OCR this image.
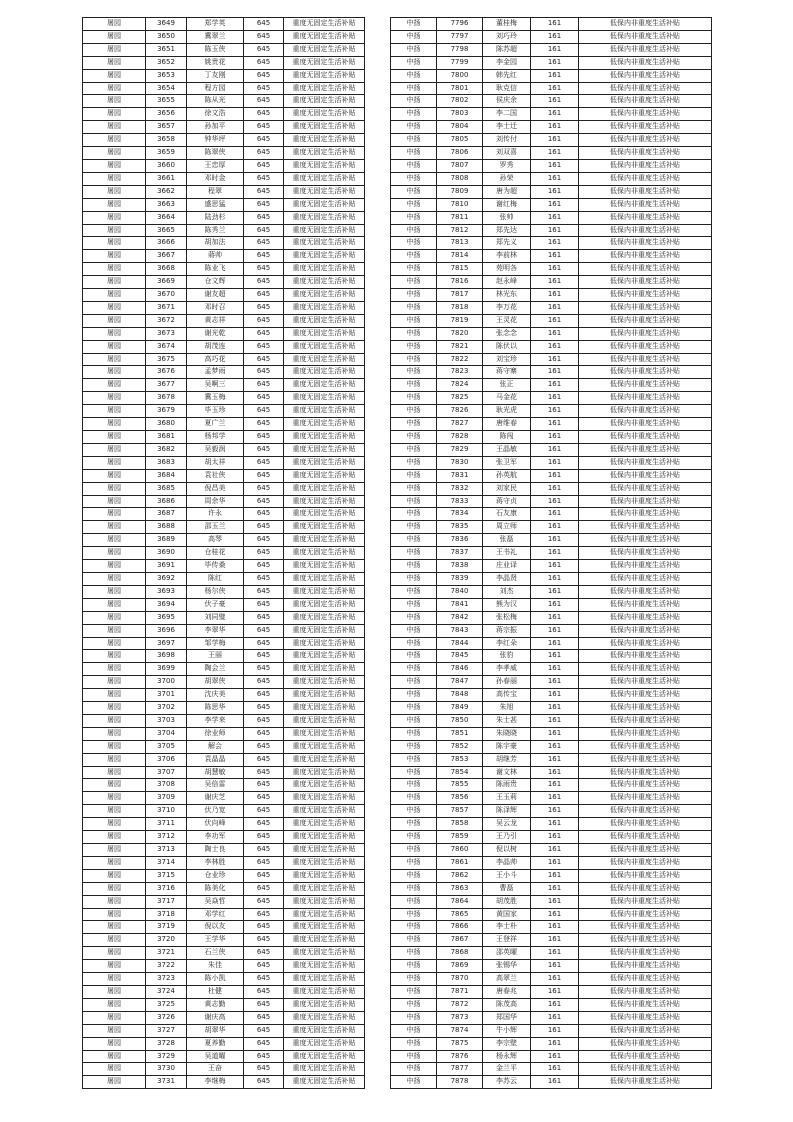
屠园	3649	郑学英	645	重度无固定生活补贴
屠园	3650	冀翠兰	645	重度无固定生活补贴
屠园	3651	陈玉侠	645	重度无固定生活补贴
屠园	3652	姚贵花	645	重度无固定生活补贴
屠园	3653	丁友刚	645	重度无固定生活补贴
屠园	3654	程方园	645	重度无固定生活补贴
屠园	3655	陈从光	645	重度无固定生活补贴
屠园	3656	徐文浩	645	重度无固定生活补贴
屠园	3657	孙加平	645	重度无固定生活补贴
屠园	3658	钟华坪	645	重度无固定生活补贴
屠园	3659	陈翠侠	645	重度无固定生活补贴
屠园	3660	王忠厚	645	重度无固定生活补贴
屠园	3661	邓时金	645	重度无固定生活补贴
屠园	3662	程翠	645	重度无固定生活补贴
屠园	3663	盛思猛	645	重度无固定生活补贴
屠园	3664	陆劲杉	645	重度无固定生活补贴
屠园	3665	陈秀兰	645	重度无固定生活补贴
屠园	3666	胡加法	645	重度无固定生活补贴
屠园	3667	蔣帅	645	重度无固定生活补贴
屠园	3668	陈业飞	645	重度无固定生活补贴
屠园	3669	仓文辉	645	重度无固定生活补贴
屠园	3670	谢友超	645	重度无固定生活补贴
屠园	3671	邓时召	645	重度无固定生活补贴
屠园	3672	黄志祥	645	重度无固定生活补贴
屠园	3673	谢光乾	645	重度无固定生活补贴
屠园	3674	胡茂连	645	重度无固定生活补贴
屠园	3675	高巧花	645	重度无固定生活补贴
屠园	3676	孟梦雨	645	重度无固定生活补贴
屠园	3677	吴啊三	645	重度无固定生活补贴
屠园	3678	冀玉梅	645	重度无固定生活补贴
屠园	3679	毕玉珍	645	重度无固定生活补贴
屠园	3680	夏广兰	645	重度无固定生活补贴
屠园	3681	杨邦学	645	重度无固定生活补贴
屠园	3682	吴毅润	645	重度无固定生活补贴
屠园	3683	胡太祥	645	重度无固定生活补贴
屠园	3684	袁社侠	645	重度无固定生活补贴
屠园	3685	倪昌美	645	重度无固定生活补贴
屠园	3686	周余华	645	重度无固定生活补贴
屠园	3687	许永	645	重度无固定生活补贴
屠园	3688	邵玉兰	645	重度无固定生活补贴
屠园	3689	高琴	645	重度无固定生活补贴
屠园	3690	仓桂花	645	重度无固定生活补贴
屠园	3691	毕传桑	645	重度无固定生活补贴
屠园	3692	陈红	645	重度无固定生活补贴
屠园	3693	杨尔侠	645	重度无固定生活补贴
屠园	3694	伏子豪	645	重度无固定生活补贴
屠园	3695	刘同璧	645	重度无固定生活补贴
屠园	3696	李翠华	645	重度无固定生活补贴
屠园	3697	邹学梅	645	重度无固定生活补贴
屠园	3698	王丽	645	重度无固定生活补贴
屠园	3699	陶会兰	645	重度无固定生活补贴
屠园	3700	胡翠侠	645	重度无固定生活补贴
屠园	3701	沈庆美	645	重度无固定生活补贴
屠园	3702	陈思华	645	重度无固定生活补贴
屠园	3703	李学来	645	重度无固定生活补贴
屠园	3704	徐业师	645	重度无固定生活补贴
屠园	3705	解会	645	重度无固定生活补贴
屠园	3706	袁晶晶	645	重度无固定生活补贴
屠园	3707	胡慧敏	645	重度无固定生活补贴
屠园	3708	吴倍雷	645	重度无固定生活补贴
屠园	3709	谢庆芝	645	重度无固定生活补贴
屠园	3710	伏乃宽	645	重度无固定生活补贴
屠园	3711	伏向峰	645	重度无固定生活补贴
屠园	3712	李功军	645	重度无固定生活补贴
屠园	3713	陶士良	645	重度无固定生活补贴
屠园	3714	李林胜	645	重度无固定生活补贴
屠园	3715	仓业珍	645	重度无固定生活补贴
屠园	3716	陈美化	645	重度无固定生活补贴
屠园	3717	吴焱哲	645	重度无固定生活补贴
屠园	3718	邓学红	645	重度无固定生活补贴
屠园	3719	倪以友	645	重度无固定生活补贴
屠园	3720	王学华	645	重度无固定生活补贴
屠园	3721	石兰侠	645	重度无固定生活补贴
屠园	3722	朱佳	645	重度无固定生活补贴
屠园	3723	陈小凯	645	重度无固定生活补贴
屠园	3724	杜健	645	重度无固定生活补贴
屠园	3725	黄志勤	645	重度无固定生活补贴
屠园	3726	谢庆高	645	重度无固定生活补贴
屠园	3727	胡翠华	645	重度无固定生活补贴
屠园	3728	夏养勤	645	重度无固定生活补贴
屠园	3729	吴道曜	645	重度无固定生活补贴
屠园	3730	王奋	645	重度无固定生活补贴
屠园	3731	李继梅	645	重度无固定生活补贴
中扬	7796	董桂梅	161	低保内非重度生活补贴
中扬	7797	刘巧玲	161	低保内非重度生活补贴
中扬	7798	陈苏超	161	低保内非重度生活补贴
中扬	7799	李金园	161	低保内非重度生活补贴
中扬	7800	韩先红	161	低保内非重度生活补贴
中扬	7801	耿克信	161	低保内非重度生活补贴
中扬	7802	侯庆余	161	低保内非重度生活补贴
中扬	7803	李二国	161	低保内非重度生活补贴
中扬	7804	李士迁	161	低保内非重度生活补贴
中扬	7805	刘传付	161	低保内非重度生活补贴
中扬	7806	刘双喜	161	低保内非重度生活补贴
中扬	7807	罗秀	161	低保内非重度生活补贴
中扬	7808	孙荣	161	低保内非重度生活补贴
中扬	7809	唐为超	161	低保内非重度生活补贴
中扬	7810	谢红梅	161	低保内非重度生活补贴
中扬	7811	张帅	161	低保内非重度生活补贴
中扬	7812	郑先达	161	低保内非重度生活补贴
中扬	7813	郑先义	161	低保内非重度生活补贴
中扬	7814	李前林	161	低保内非重度生活补贴
中扬	7815	苑明各	161	低保内非重度生活补贴
中扬	7816	赵永峰	161	低保内非重度生活补贴
中扬	7817	林光东	161	低保内非重度生活补贴
中扬	7818	李万花	161	低保内非重度生活补贴
中扬	7819	王灵花	161	低保内非重度生活补贴
中扬	7820	张念念	161	低保内非重度生活补贴
中扬	7821	陈伏以	161	低保内非重度生活补贴
中扬	7822	刘宝珍	161	低保内非重度生活补贴
中扬	7823	蒋守寨	161	低保内非重度生活补贴
中扬	7824	张正	161	低保内非重度生活补贴
中扬	7825	马金花	161	低保内非重度生活补贴
中扬	7826	耿光虎	161	低保内非重度生活补贴
中扬	7827	唐维春	161	低保内非重度生活补贴
中扬	7828	陈闯	161	低保内非重度生活补贴
中扬	7829	王晶敏	161	低保内非重度生活补贴
中扬	7830	张卫军	161	低保内非重度生活补贴
中扬	7831	孙英航	161	低保内非重度生活补贴
中扬	7832	刘家民	161	低保内非重度生活补贴
中扬	7833	蒋守贞	161	低保内非重度生活补贴
中扬	7834	石友康	161	低保内非重度生活补贴
中扬	7835	周立师	161	低保内非重度生活补贴
中扬	7836	张磊	161	低保内非重度生活补贴
中扬	7837	王书礼	161	低保内非重度生活补贴
中扬	7838	庄业译	161	低保内非重度生活补贴
中扬	7839	李晶贤	161	低保内非重度生活补贴
中扬	7840	刘杰	161	低保内非重度生活补贴
中扬	7841	熊为汉	161	低保内非重度生活补贴
中扬	7842	张松梅	161	低保内非重度生活补贴
中扬	7843	蒋宗振	161	低保内非重度生活补贴
中扬	7844	李红朵	161	低保内非重度生活补贴
中扬	7845	张豹	161	低保内非重度生活补贴
中扬	7846	李孝威	161	低保内非重度生活补贴
中扬	7847	孙春丽	161	低保内非重度生活补贴
中扬	7848	高传宝	161	低保内非重度生活补贴
中扬	7849	朱旭	161	低保内非重度生活补贴
中扬	7850	朱士甚	161	低保内非重度生活补贴
中扬	7851	朱晓晓	161	低保内非重度生活补贴
中扬	7852	陈宇豪	161	低保内非重度生活补贴
中扬	7853	胡继芳	161	低保内非重度生活补贴
中扬	7854	谢文林	161	低保内非重度生活补贴
中扬	7855	陈雨贵	161	低保内非重度生活补贴
中扬	7856	王玉莉	161	低保内非重度生活补贴
中扬	7857	陈泽辉	161	低保内非重度生活补贴
中扬	7858	吴云龙	161	低保内非重度生活补贴
中扬	7859	王乃引	161	低保内非重度生活补贴
中扬	7860	倪以树	161	低保内非重度生活补贴
中扬	7861	李晶帅	161	低保内非重度生活补贴
中扬	7862	王小斗	161	低保内非重度生活补贴
中扬	7863	曹磊	161	低保内非重度生活补贴
中扬	7864	胡茂胜	161	低保内非重度生活补贴
中扬	7865	黄国家	161	低保内非重度生活补贴
中扬	7866	李士朴	161	低保内非重度生活补贴
中扬	7867	王登祥	161	低保内非重度生活补贴
中扬	7868	邵英曜	161	低保内非重度生活补贴
中扬	7869	张锡华	161	低保内非重度生活补贴
中扬	7870	高翠兰	161	低保内非重度生活补贴
中扬	7871	唐春兆	161	低保内非重度生活补贴
中扬	7872	陈茂高	161	低保内非重度生活补贴
中扬	7873	郑国华	161	低保内非重度生活补贴
中扬	7874	牛小辉	161	低保内非重度生活补贴
中扬	7875	李宗壁	161	低保内非重度生活补贴
中扬	7876	杨永辉	161	低保内非重度生活补贴
中扬	7877	金兰平	161	低保内非重度生活补贴
中扬	7878	李苏云	161	低保内非重度生活补贴
